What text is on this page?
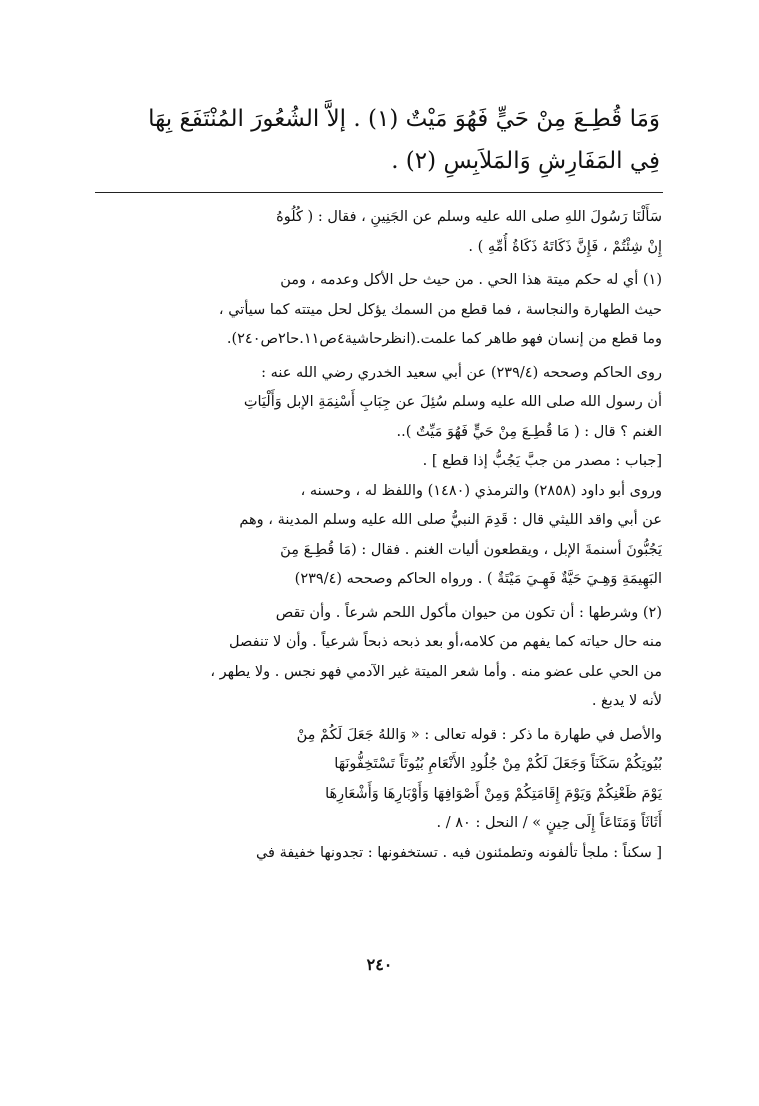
وَمَا قُطِـعَ مِنْ حَيٍّ فَهُوَ مَيْتٌ (١) . إلاَّ الشُعُورَ المُنْتَفَعَ بِهَا

فِي المَفَارِشِ وَالمَلاَبِسِ (٢) .

سَأَلْنَا رَسُولَ اللهِ صلى الله عليه وسلم عن الجَنِينِ ، فقال : ( كُلُوهُ

إِنْ شِئْتُمْ ، فَإِنَّ ذَكَاتَهُ ذَكَاةُ أُمِّهِ ) .

(١) أي له حكم ميتة هذا الحي . من حيث حل الأكل وعدمه ، ومن

حيث الطهارة والنجاسة ، فما قطع من السمك يؤكل لحل ميتته كما سيأتي ،

وما قطع من إنسان فهو طاهر كما علمت.(انظرحاشية٤ص١١.حا٢ص٢٤٠).

روى الحاكم وصححه (٢٣٩/٤) عن أبي سعيد الخدري رضي الله عنه :

أن رسول الله صلى الله عليه وسلم سُئِلَ عن جِبَابِ أَسْنِمَةِ الإبل وَأَلْيَاتِ

الغنم ؟ قال : ( مَا قُطِـعَ مِنْ حَيٍّ فَهُوَ مَيِّتٌ )..

[جباب : مصدر من جبَّ يَجُبُّ إذا قطع ] .

وروى أبو داود (٢٨٥٨) والترمذي (١٤٨٠) واللفظ له ، وحسنه ،

عن أبي واقد الليثي قال : قَدِمَ النبيُّ صلى الله عليه وسلم المدينة ، وهم

يَجُبُّونَ أسنمةَ الإبل ، ويقطعون أليات الغنم . فقال : (مَا قُطِـعَ مِنَ

البَهِيمَةِ وَهِـيَ حَيَّةٌ فَهِـيَ مَيْتَةٌ ) . ورواه الحاكم وصححه (٢٣٩/٤)

(٢) وشرطها : أن تكون من حيوان مأكول اللحم شرعاً . وأن تقص

منه حال حياته كما يفهم من كلامه،أو بعد ذبحه ذبحاً شرعياً . وأن لا تنفصل

من الحي على عضو منه . وأما شعر الميتة غير الآدمي فهو نجس . ولا يطهر ،

لأنه لا يدبغ .

والأصل في طهارة ما ذكر : قوله تعالى : « وَاللهُ جَعَلَ لَكُمْ مِنْ

بُيُوتِكُمْ سَكَنَاً وَجَعَلَ لَكُمْ مِنْ جُلُودِ الأَنْعَامِ بُيُوتَاً تَسْتَخِفُّونَهَا

يَوْمَ ظَعْنِكُمْ وَيَوْمَ إِقَامَتِكُمْ وَمِنْ أَصْوَافِهَا وَأَوْبَارِهَا وَأَشْعَارِهَا

أَثَاثَاً وَمَتَاعَاً إِلَى حِينٍ » / النحل : ٨٠ / .

[ سكناً : ملجأ تألفونه وتطمئنون فيه . تستخفونها : تجدونها خفيفة في

٢٤٠
